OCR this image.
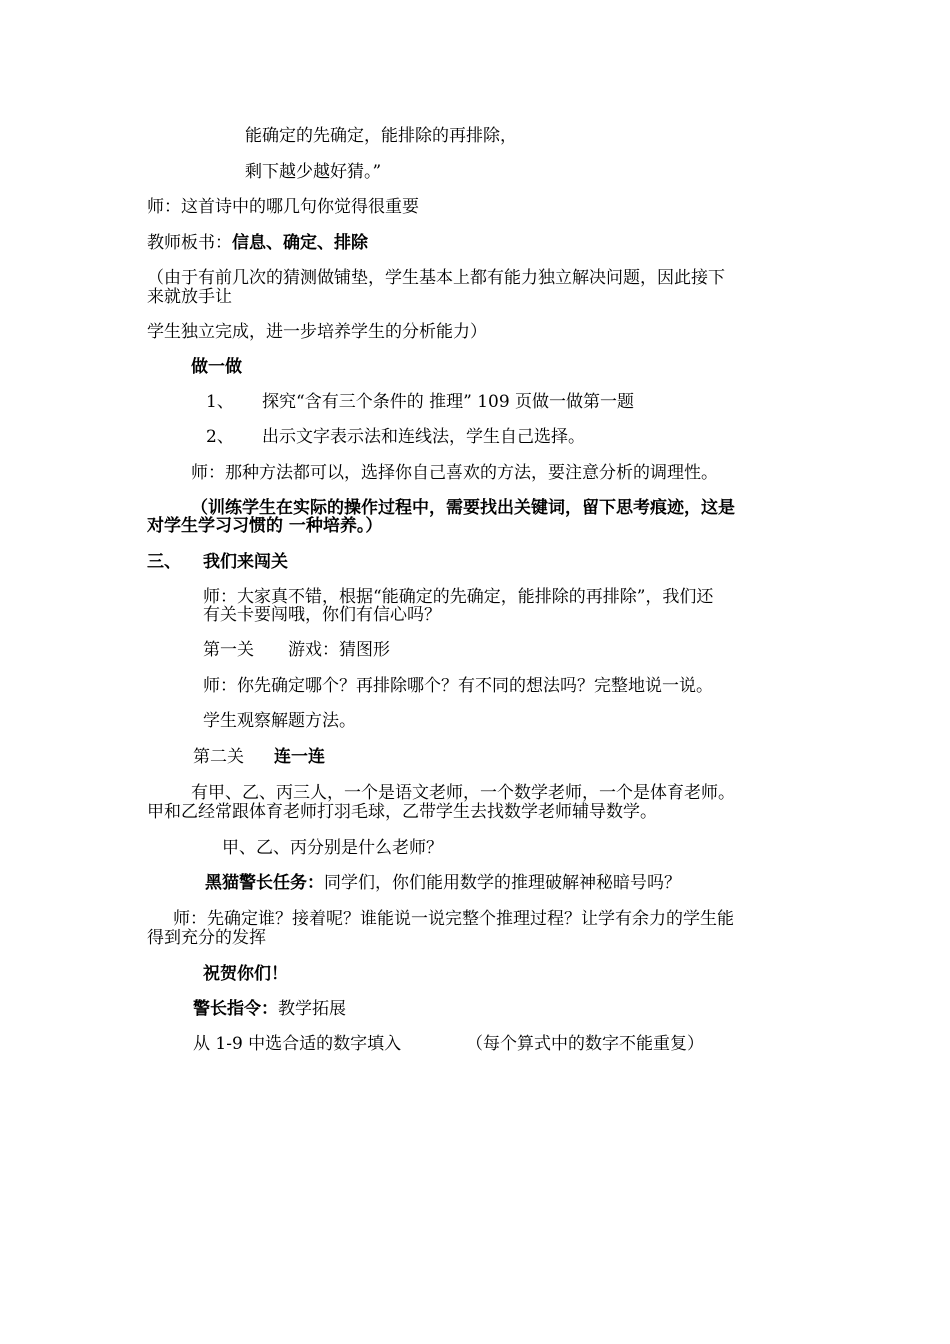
能确定的先确定，能排除的再排除，
剩下越少越好猜。”
师：这首诗中的哪几句你觉得很重要
教师板书：信息、确定、排除
（由于有前几次的猜测做铺垫，学生基本上都有能力独立解决问题，因此接下
来就放手让
学生独立完成，进一步培养学生的分析能力）
做一做
1、 探究“含有三个条件的 推理” 109 页做一做第一题
2、 出示文字表示法和连线法，学生自己选择。
师：那种方法都可以，选择你自己喜欢的方法，要注意分析的调理性。
（训练学生在实际的操作过程中，需要找出关键词，留下思考痕迹，这是
对学生学习习惯的 一种培养。）
三、 我们来闯关
师：大家真不错，根据“能确定的先确定，能排除的再排除”，我们还
有关卡要闯哦，你们有信心吗？
第一关 游戏：猜图形
师：你先确定哪个？再排除哪个？有不同的想法吗？完整地说一说。
学生观察解题方法。
第二关 连一连
有甲、乙、丙三人，一个是语文老师，一个数学老师，一个是体育老师。
甲和乙经常跟体育老师打羽毛球，乙带学生去找数学老师辅导数学。
甲、乙、丙分别是什么老师？
黑猫警长任务：同学们，你们能用数学的推理破解神秘暗号吗？
师：先确定谁？接着呢？谁能说一说完整个推理过程？让学有余力的学生能
得到充分的发挥
祝贺你们！
警长指令：教学拓展
从 1-9 中选合适的数字填入	（每个算式中的数字不能重复）
